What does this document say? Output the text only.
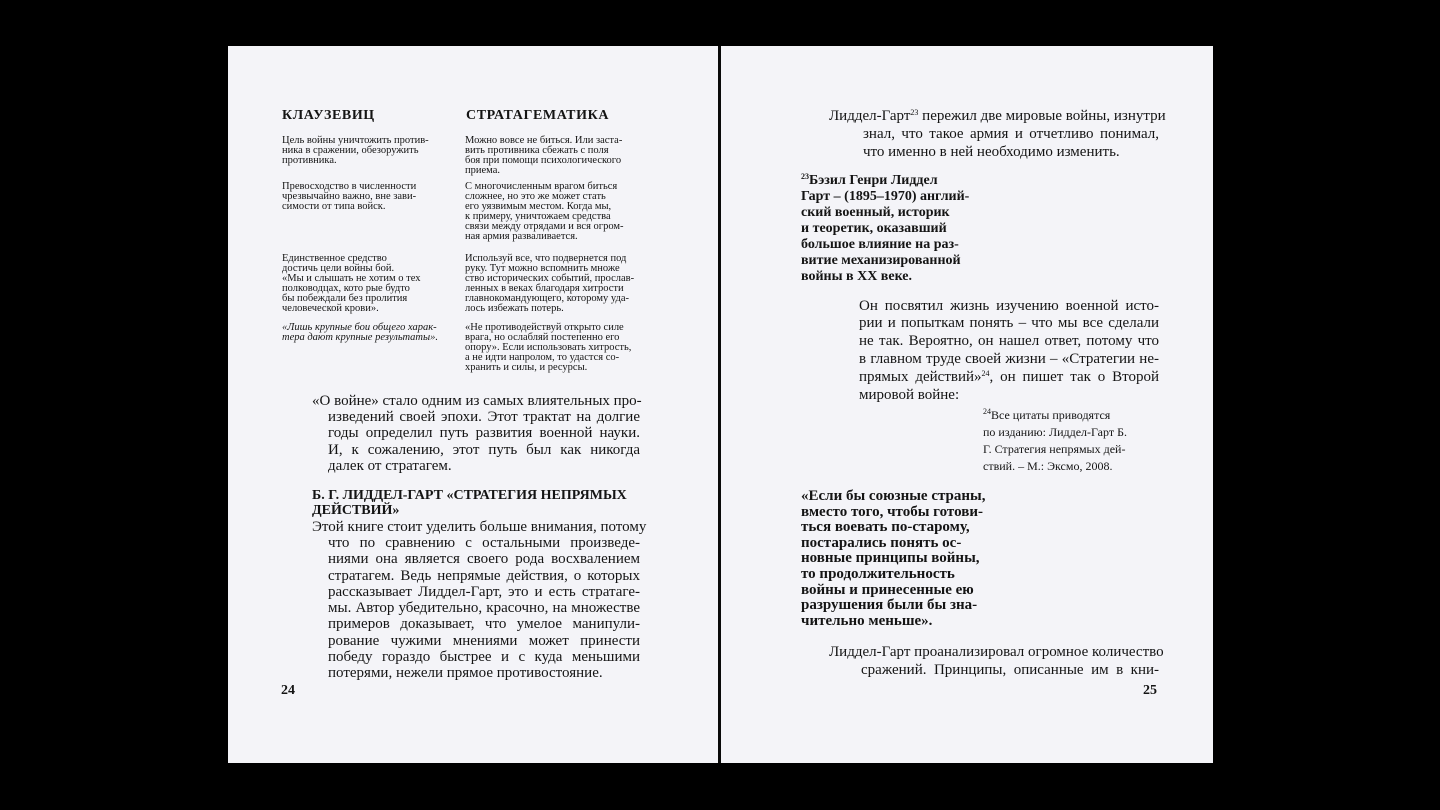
КЛАУЗЕВИЦ	СТРАТАГЕМАТИКА
Цель войны уничтожить против-
ника в сражении, обезоружить
противника.
Превосходство в численности
чрезвычайно важно, вне зави-
симости от типа войск.
Единственное средство
достичь цели войны бой.
«Мы и слышать не хотим о тех
полководцах, кото рые будто
бы побеждали без пролития
человеческой крови».
«Лишь крупные бои общего харак-
тера дают крупные результаты».
Можно вовсе не биться. Или заста-
вить противника сбежать с поля
боя при помощи психологического
приема.
С многочисленным врагом биться
сложнее, но это же может стать
его уязвимым местом. Когда мы,
к примеру, уничтожаем средства
связи между отрядами и вся огром-
ная армия разваливается.
Используй все, что подвернется под
руку. Тут можно вспомнить множе
ство исторических событий, прослав-
ленных в веках благодаря хитрости
главнокомандующего, которому уда-
лось избежать потерь.
«Не противодействуй открыто силе
врага, но ослабляй постепенно его
опору». Если использовать хитрость,
а не идти напролом, то удастся со-
хранить и силы, и ресурсы.
«О войне» стало одним из самых влиятельных про-
изведений своей эпохи. Этот трактат на долгие
годы определил путь развития военной науки.
И, к сожалению, этот путь был как никогда
далек от стратагем.
Б. Г. ЛИДДЕЛ-ГАРТ «СТРАТЕГИЯ НЕПРЯМЫХ
ДЕЙСТВИЙ»
Этой книге стоит уделить больше внимания, потому
что по сравнению с остальными произведе-
ниями она является своего рода восхвалением
стратагем. Ведь непрямые действия, о которых
рассказывает Лиддел-Гарт, это и есть стратаге-
мы. Автор убедительно, красочно, на множестве
примеров доказывает, что умелое манипули-
рование чужими мнениями может принести
победу гораздо быстрее и с куда меньшими
потерями, нежели прямое противостояние.
24
Лиддел-Гарт$^{23}$ пережил две мировые войны, изнутри
знал, что такое армия и отчетливо понимал,
что именно в ней необходимо изменить.
$^{23}$Бэзил Генри Лиддел
Гарт – (1895–1970) англий-
ский военный, историк
и теоретик, оказавший
большое влияние на раз-
витие механизированной
войны в XX веке.
Он посвятил жизнь изучению военной исто-
рии и попыткам понять – что мы все сделали
не так. Вероятно, он нашел ответ, потому что
в главном труде своей жизни – «Стратегии не-
прямых действий»$^{24}$, он пишет так о Второй
мировой войне:
$^{24}$Все цитаты приводятся
по изданию: Лиддел-Гарт Б.
Г. Стратегия непрямых дей-
ствий. – М.: Эксмо, 2008.
«Если бы союзные страны,
вместо того, чтобы готови-
ться воевать по-старому,
постарались понять ос-
новные принципы войны,
то продолжительность
войны и принесенные ею
разрушения были бы зна-
чительно меньше».
Лиддел-Гарт проанализировал огромное количество
сражений. Принципы, описанные им в кни-
25
